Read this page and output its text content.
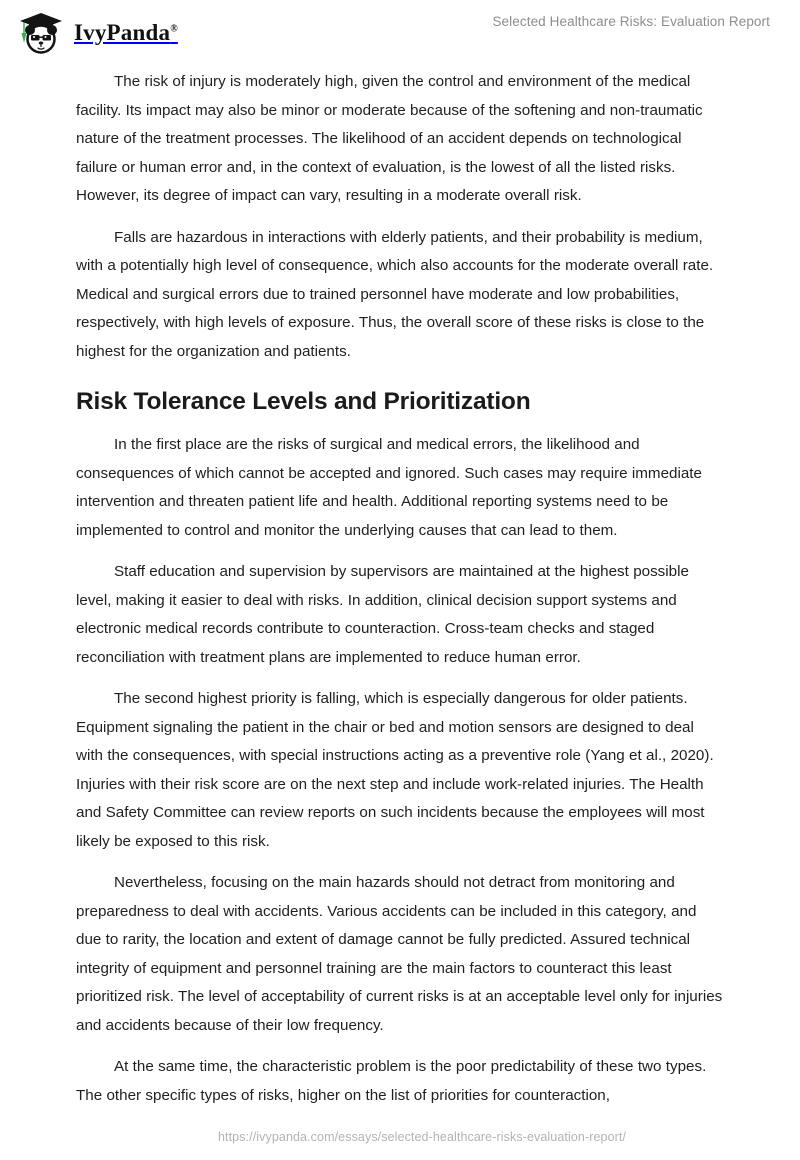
IvyPanda®	Selected Healthcare Risks: Evaluation Report

The risk of injury is moderately high, given the control and environment of the medical facility. Its impact may also be minor or moderate because of the softening and non-traumatic nature of the treatment processes. The likelihood of an accident depends on technological failure or human error and, in the context of evaluation, is the lowest of all the listed risks. However, its degree of impact can vary, resulting in a moderate overall risk.

Falls are hazardous in interactions with elderly patients, and their probability is medium, with a potentially high level of consequence, which also accounts for the moderate overall rate. Medical and surgical errors due to trained personnel have moderate and low probabilities, respectively, with high levels of exposure. Thus, the overall score of these risks is close to the highest for the organization and patients.

Risk Tolerance Levels and Prioritization

In the first place are the risks of surgical and medical errors, the likelihood and consequences of which cannot be accepted and ignored. Such cases may require immediate intervention and threaten patient life and health. Additional reporting systems need to be implemented to control and monitor the underlying causes that can lead to them.

Staff education and supervision by supervisors are maintained at the highest possible level, making it easier to deal with risks. In addition, clinical decision support systems and electronic medical records contribute to counteraction. Cross-team checks and staged reconciliation with treatment plans are implemented to reduce human error.

The second highest priority is falling, which is especially dangerous for older patients. Equipment signaling the patient in the chair or bed and motion sensors are designed to deal with the consequences, with special instructions acting as a preventive role (Yang et al., 2020). Injuries with their risk score are on the next step and include work-related injuries. The Health and Safety Committee can review reports on such incidents because the employees will most likely be exposed to this risk.

Nevertheless, focusing on the main hazards should not detract from monitoring and preparedness to deal with accidents. Various accidents can be included in this category, and due to rarity, the location and extent of damage cannot be fully predicted. Assured technical integrity of equipment and personnel training are the main factors to counteract this least prioritized risk. The level of acceptability of current risks is at an acceptable level only for injuries and accidents because of their low frequency.

At the same time, the characteristic problem is the poor predictability of these two types. The other specific types of risks, higher on the list of priorities for counteraction,

https://ivypanda.com/essays/selected-healthcare-risks-evaluation-report/
